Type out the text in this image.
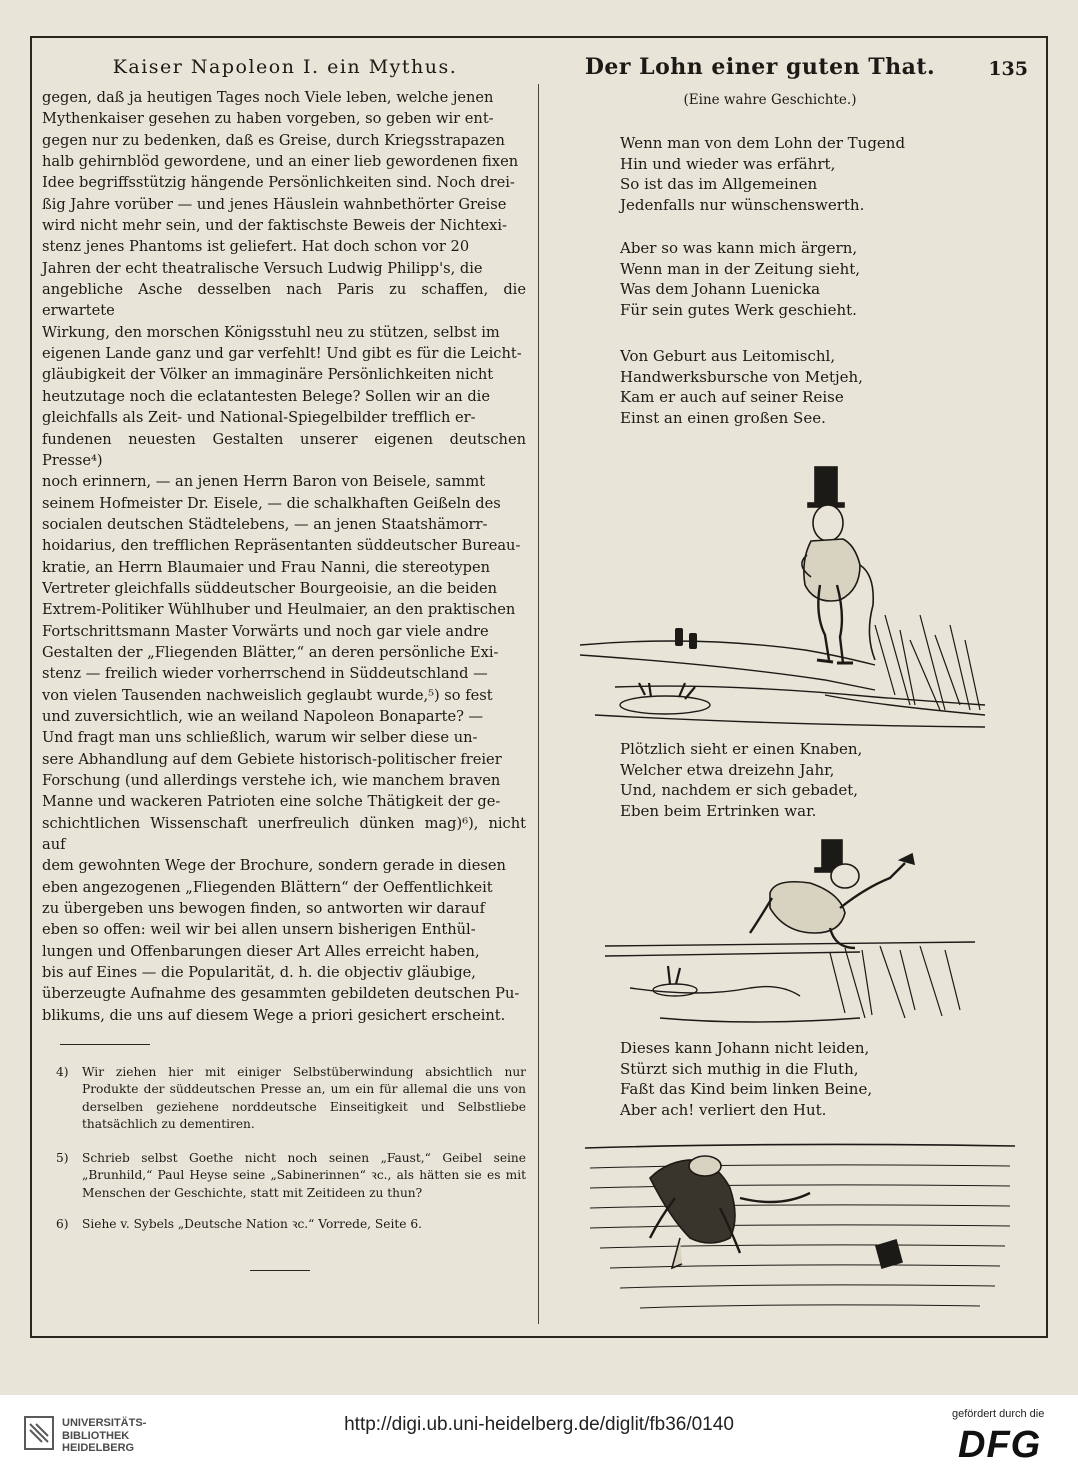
Kaiser Napoleon I. ein Mythus.	Der Lohn einer guten That.	135

gegen, daß ja heutigen Tages noch Viele leben, welche jenen

Mythenkaiser gesehen zu haben vorgeben, so geben wir ent-

gegen nur zu bedenken, daß es Greise, durch Kriegsstrapazen

halb gehirnblöd gewordene, und an einer lieb gewordenen fixen

Idee begriffsstützig hängende Persönlichkeiten sind. Noch drei-

ßig Jahre vorüber — und jenes Häuslein wahnbethörter Greise

wird nicht mehr sein, und der faktischste Beweis der Nichtexi-

stenz jenes Phantoms ist geliefert. Hat doch schon vor 20

Jahren der echt theatralische Versuch Ludwig Philipp's, die

angebliche Asche desselben nach Paris zu schaffen, die erwartete

Wirkung, den morschen Königsstuhl neu zu stützen, selbst im

eigenen Lande ganz und gar verfehlt! Und gibt es für die Leicht-

gläubigkeit der Völker an immaginäre Persönlichkeiten nicht

heutzutage noch die eclatantesten Belege? Sollen wir an die

gleichfalls als Zeit- und National-Spiegelbilder trefflich er-

fundenen neuesten Gestalten unserer eigenen deutschen Presse⁴)

noch erinnern, — an jenen Herrn Baron von Beisele, sammt

seinem Hofmeister Dr. Eisele, — die schalkhaften Geißeln des

socialen deutschen Städtelebens, — an jenen Staatshämorr-

hoidarius, den trefflichen Repräsentanten süddeutscher Bureau-

kratie, an Herrn Blaumaier und Frau Nanni, die stereotypen

Vertreter gleichfalls süddeutscher Bourgeoisie, an die beiden

Extrem-Politiker Wühlhuber und Heulmaier, an den praktischen

Fortschrittsmann Master Vorwärts und noch gar viele andre

Gestalten der „Fliegenden Blätter,“ an deren persönliche Exi-

stenz — freilich wieder vorherrschend in Süddeutschland —

von vielen Tausenden nachweislich geglaubt wurde,⁵) so fest

und zuversichtlich, wie an weiland Napoleon Bonaparte? —

Und fragt man uns schließlich, warum wir selber diese un-

sere Abhandlung auf dem Gebiete historisch-politischer freier

Forschung (und allerdings verstehe ich, wie manchem braven

Manne und wackeren Patrioten eine solche Thätigkeit der ge-

schichtlichen Wissenschaft unerfreulich dünken mag)⁶), nicht auf

dem gewohnten Wege der Brochure, sondern gerade in diesen

eben angezogenen „Fliegenden Blättern“ der Oeffentlichkeit

zu übergeben uns bewogen finden, so antworten wir darauf

eben so offen: weil wir bei allen unsern bisherigen Enthül-

lungen und Offenbarungen dieser Art Alles erreicht haben,

bis auf Eines — die Popularität, d. h. die objectiv gläubige,

überzeugte Aufnahme des gesammten gebildeten deutschen Pu-

blikums, die uns auf diesem Wege a priori gesichert erscheint.

4)	Wir ziehen hier mit einiger Selbstüberwindung absichtlich nur Produkte der süddeutschen Presse an, um ein für allemal die uns von derselben geziehene norddeutsche Einseitigkeit und Selbstliebe thatsächlich zu dementiren.
5)	Schrieb selbst Goethe nicht noch seinen „Faust,“ Geibel seine „Brunhild,“ Paul Heyse seine „Sabinerinnen“ ꝛc., als hätten sie es mit Menschen der Geschichte, statt mit Zeitideen zu thun?
6)	Siehe v. Sybels „Deutsche Nation ꝛc.“ Vorrede, Seite 6.
(Eine wahre Geschichte.)
Wenn man von dem Lohn der Tugend
Hin und wieder was erfährt,
So ist das im Allgemeinen
Jedenfalls nur wünschenswerth.
Aber so was kann mich ärgern,
Wenn man in der Zeitung sieht,
Was dem Johann Luenicka
Für sein gutes Werk geschieht.
Von Geburt aus Leitomischl,
Handwerksbursche von Metjeh,
Kam er auch auf seiner Reise
Einst an einen großen See.
Plötzlich sieht er einen Knaben,
Welcher etwa dreizehn Jahr,
Und, nachdem er sich gebadet,
Eben beim Ertrinken war.
Dieses kann Johann nicht leiden,
Stürzt sich muthig in die Fluth,
Faßt das Kind beim linken Beine,
Aber ach! verliert den Hut.
UNIVERSITÄTS-
BIBLIOTHEK
HEIDELBERG
http://digi.ub.uni-heidelberg.de/diglit/fb36/0140	gefördert durch die
DFG
